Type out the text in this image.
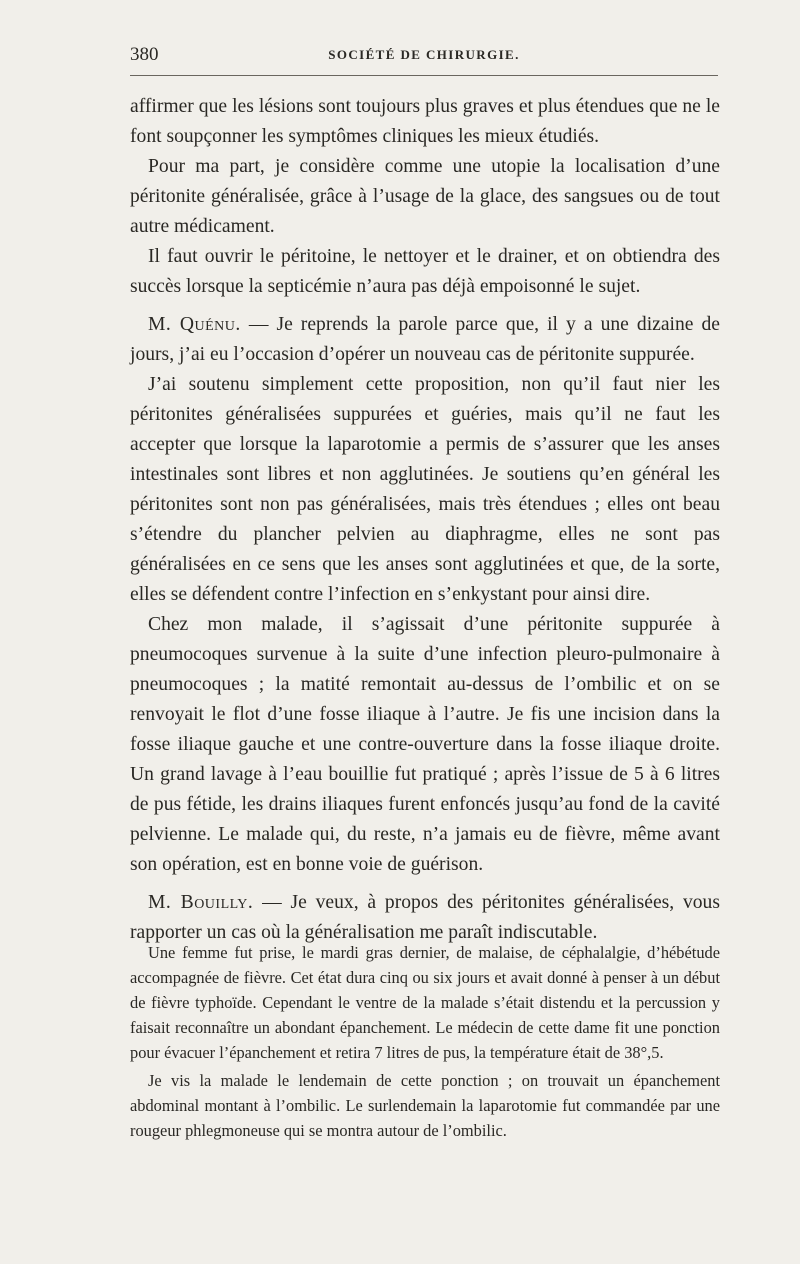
380	SOCIÉTÉ DE CHIRURGIE.

affirmer que les lésions sont toujours plus graves et plus étendues que ne le font soupçonner les symptômes cliniques les mieux étudiés.

Pour ma part, je considère comme une utopie la localisation d’une péritonite généralisée, grâce à l’usage de la glace, des sangsues ou de tout autre médicament.

Il faut ouvrir le péritoine, le nettoyer et le drainer, et on obtiendra des succès lorsque la septicémie n’aura pas déjà empoisonné le sujet.

M. Quénu. — Je reprends la parole parce que, il y a une dizaine de jours, j’ai eu l’occasion d’opérer un nouveau cas de péritonite suppurée.

J’ai soutenu simplement cette proposition, non qu’il faut nier les péritonites généralisées suppurées et guéries, mais qu’il ne faut les accepter que lorsque la laparotomie a permis de s’assurer que les anses intestinales sont libres et non agglutinées. Je soutiens qu’en général les péritonites sont non pas généralisées, mais très étendues ; elles ont beau s’étendre du plancher pelvien au diaphragme, elles ne sont pas généralisées en ce sens que les anses sont agglutinées et que, de la sorte, elles se défendent contre l’infection en s’enkystant pour ainsi dire.

Chez mon malade, il s’agissait d’une péritonite suppurée à pneumocoques survenue à la suite d’une infection pleuro-pulmonaire à pneumocoques ; la matité remontait au-dessus de l’ombilic et on se renvoyait le flot d’une fosse iliaque à l’autre. Je fis une incision dans la fosse iliaque gauche et une contre-ouverture dans la fosse iliaque droite. Un grand lavage à l’eau bouillie fut pratiqué ; après l’issue de 5 à 6 litres de pus fétide, les drains iliaques furent enfoncés jusqu’au fond de la cavité pelvienne. Le malade qui, du reste, n’a jamais eu de fièvre, même avant son opération, est en bonne voie de guérison.

M. Bouilly. — Je veux, à propos des péritonites généralisées, vous rapporter un cas où la généralisation me paraît indiscutable.

Une femme fut prise, le mardi gras dernier, de malaise, de céphalalgie, d’hébétude accompagnée de fièvre. Cet état dura cinq ou six jours et avait donné à penser à un début de fièvre typhoïde. Cependant le ventre de la malade s’était distendu et la percussion y faisait reconnaître un abondant épanchement. Le médecin de cette dame fit une ponction pour évacuer l’épanchement et retira 7 litres de pus, la température était de 38°,5.

Je vis la malade le lendemain de cette ponction ; on trouvait un épanchement abdominal montant à l’ombilic. Le surlendemain la laparotomie fut commandée par une rougeur phlegmoneuse qui se montra autour de l’ombilic.
